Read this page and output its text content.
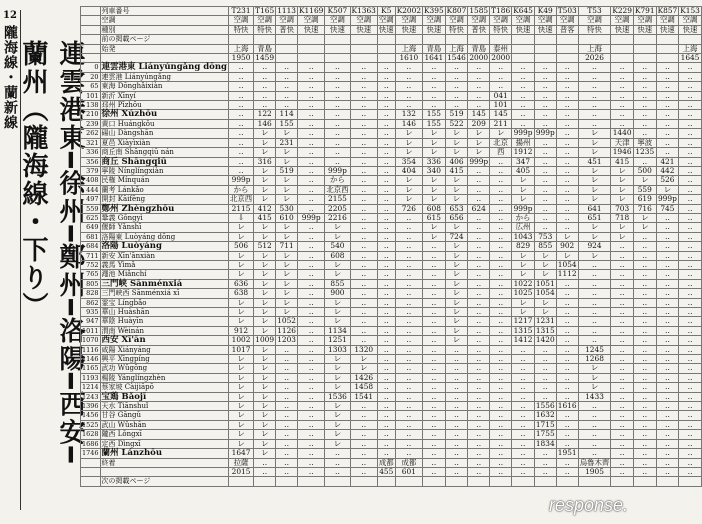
12
隴海線・蘭新線	連雲港東━徐州━鄭州━洛陽━西安━蘭州（隴海線・下り）
	列車番号	T231	T165	1113	K1169	K507	K1363	K5	K2002	K395	K807	1585	T186	K645	K49	T503	T53	K229	K791	K857	K153
	空調	空調	空調	空調	空調	空調	空調	空調	空調	空調	空調	空調	空調	空調	空調	空調	空調	空調	空調	空調	空調
	種別	特快	特快	普快	快速	快速	快速	快速	快速	快速	特快	普快	特快	快速	快速	普客	特快	快速	快速	快速	快速
	前の掲載ページ																				
	始発	上海	青島						上海	青島	上海	青島	泰州				上海				上海
		1950	1459						1610	1641	1546	2000	2000				2026				1645
0	連雲港東 Liányúngǎng dōng	‥	‥	‥	‥	‥	‥	‥	‥	‥	‥	‥	‥	‥	‥	‥	‥	‥	‥	‥	‥
20	連雲港 Liányúngǎng	‥	‥	‥	‥	‥	‥	‥	‥	‥	‥	‥	‥	‥	‥	‥	‥	‥	‥	‥	‥
65	東海 Dōnghǎixiàn	‥	‥	‥	‥	‥	‥	‥	‥	‥	‥	‥	‥	‥	‥	‥	‥	‥	‥	‥	‥
101	新沂 Xīnyí	‥	‥	‥	‥	‥	‥	‥	‥	‥	‥	‥	041	‥	‥	‥	‥	‥	‥	‥	‥
138	邳州 Pīzhōu	‥	‥	‥	‥	‥	‥	‥	‥	‥	‥	‥	101	‥	‥	‥	‥	‥	‥	‥	‥
210	徐州 Xúzhōu	‥	122	114	‥	‥	‥	‥	132	155	519	145	145	‥	‥	‥	‥	‥	‥	‥	‥
239	黄口 Huángkǒu	‥	146	155	‥	‥	‥	‥	146	155	522	209	211	‥	‥	‥	‥	‥	‥	‥	‥
262	碭山 Dàngshān	‥	レ	レ	‥	‥	‥	‥	レ	レ	レ	レ	レ	999p	999p	‥	レ	1440	‥	‥	‥
321	夏邑 Xiàyìxiàn	‥	レ	231	‥	‥	‥	‥	レ	レ	レ	レ	北京	揚州	‥	‥	レ	天津	寧波	‥	‥
336	商丘南 Shāngqiū nán	‥	レ	レ	‥	‥	‥	‥	レ	レ	レ	レ	西	1912	‥	‥	レ	1946	1235	‥	‥
356	商丘 Shāngqiū	‥	316	レ	‥	‥	‥	‥	354	336	406	999p	‥	347	‥	‥	451	415	‥	421	‥
379	寧陵 Nínglíngxiàn	‥	レ	519	‥	999p	‥	‥	404	340	415	‥	‥	405	‥	‥	レ	レ	500	442	‥
408	民権 Mínquán	999p	レ	レ	‥	から	‥	‥	レ	レ	レ	‥	‥	レ	‥	‥	レ	レ	レ	526	‥
444	蘭考 Lánkǎo	から	レ	レ	‥	北京西	‥	‥	レ	レ	レ	‥	‥	レ	‥	‥	レ	レ	559	レ	‥
497	開封 Kāifēng	北京西	レ	レ	‥	2155	‥	‥	レ	レ	レ	‥	‥	レ	‥	‥	レ	レ	619	999p	‥
559	鄭州 Zhèngzhōu	2115	412	530	‥	2205	‥	‥	726	608	653	624	‥	999p	‥	‥	641	703	716	745	‥
625	鞏義 Gǒngyì	⇩	415	610	999p	2216	‥	‥	‥	615	656	‥	‥	から	‥	‥	651	718	レ	‥	‥
649	偃師 Yǎnshī	レ	レ	レ	‥	レ	‥	‥	‥	レ	レ	‥	‥	広州	‥	‥	レ	レ	レ	‥	‥
681	洛陽東 Luòyáng dōng	レ	レ	レ	‥	レ	‥	‥	‥	レ	724	‥	‥	1043	753	レ	レ	レ	‥	‥	‥
684	洛陽 Luòyáng	506	512	711	‥	540	‥	‥	‥	‥	レ	‥	‥	829	855	902	924	‥	‥	‥	‥
711	新安 Xīn'ānxiàn	レ	レ	レ	‥	608	‥	‥	‥	‥	レ	‥	‥	レ	レ	レ	レ	‥	‥	‥	‥
752	義馬 Yìmǎ	レ	レ	レ	‥	レ	‥	‥	‥	‥	レ	‥	‥	レ	レ	1054	‥	‥	‥	‥	‥
765	澠池 Miǎnchí	レ	レ	レ	‥	レ	‥	‥	‥	‥	レ	‥	‥	レ	レ	1112	‥	‥	‥	‥	‥
805	三門峡 Sānménxiá	636	レ	レ	‥	855	‥	‥	‥	‥	レ	‥	‥	1022	1051	‥	‥	‥	‥	‥	‥
828	三門峡西 Sānménxiá xī	638	レ	レ	‥	900	‥	‥	‥	‥	レ	‥	‥	1025	1054	‥	‥	‥	‥	‥	‥
862	霊宝 Língbǎo	レ	レ	レ	‥	レ	‥	‥	‥	‥	レ	‥	‥	レ	レ	‥	‥	‥	‥	‥	‥
935	華山 Huàshān	レ	レ	レ	‥	レ	‥	‥	‥	‥	レ	‥	‥	レ	レ	‥	‥	‥	‥	‥	‥
947	華陰 Huàyīn	レ	レ	1052	‥	レ	‥	‥	‥	‥	レ	‥	‥	1217	1231	‥	‥	‥	‥	‥	‥
1011	渭南 Wèinán	912	レ	1126	‥	1134	‥	‥	‥	‥	レ	‥	‥	1315	1315	‥	‥	‥	‥	‥	‥
1070	西安 Xī'ān	1002	1009	1203	‥	1251	‥	‥	‥	‥	レ	‥	‥	1412	1420	‥	‥	‥	‥	‥	‥
1116	咸陽 Xiányáng	1017	レ	‥	‥	1303	1320	‥	‥	‥	‥	‥	‥	‥	‥	‥	1245	‥	‥	‥	‥
1146	興平 Xīngpíng	レ	レ	‥	‥	レ	レ	‥	‥	‥	‥	‥	‥	‥	‥	‥	1268	‥	‥	‥	‥
1165	武功 Wǔgōng	レ	レ	‥	‥	レ	レ	‥	‥	‥	‥	‥	‥	‥	‥	‥	レ	‥	‥	‥	‥
1193	楊陵 Yánglíngzhèn	レ	レ	‥	‥	レ	1426	‥	‥	‥	‥	‥	‥	‥	‥	‥	レ	‥	‥	‥	‥
1214	蔡家坡 Càijiāpō	レ	レ	‥	‥	レ	1458	‥	‥	‥	‥	‥	‥	‥	‥	‥	レ	‥	‥	‥	‥
1243	宝鶏 Bǎojī	レ	レ	‥	‥	1536	1541	‥	‥	‥	‥	‥	‥	‥	‥	‥	1433	‥	‥	‥	‥
1396	天水 Tiānshuǐ	レ	レ	‥	‥	レ	‥	‥	‥	‥	‥	‥	‥	‥	1556	1616	‥	‥	‥	‥	‥
1456	甘谷 Gāngǔ	レ	レ	‥	‥	レ	‥	‥	‥	‥	‥	‥	‥	‥	1632	‥	‥	‥	‥	‥	‥
1525	武山 Wǔshān	レ	レ	‥	‥	レ	‥	‥	‥	‥	‥	‥	‥	‥	1715	‥	‥	‥	‥	‥	‥
1628	隴西 Lǒngxī	レ	レ	‥	‥	レ	‥	‥	‥	‥	‥	‥	‥	‥	1755	‥	‥	‥	‥	‥	‥
1686	定西 Dìngxī	レ	レ	‥	‥	レ	‥	‥	‥	‥	‥	‥	‥	‥	1834	‥	‥	‥	‥	‥	‥
1746	蘭州 Lánzhōu	1647	レ	‥	‥	‥	‥	‥	‥	‥	‥	‥	‥	‥	‥	1951	‥	‥	‥	‥	‥
	終着	拉薩	‥	‥	‥	‥	‥	成都	成都	‥	‥	‥	‥	‥	‥	‥	烏魯木齊	‥	‥	‥	‥
		2015	‥	‥	‥	‥	‥	455	601	‥	‥	‥	‥	‥	‥	‥	1905	‥	‥	‥	‥
	次の掲載ページ																				
response.
